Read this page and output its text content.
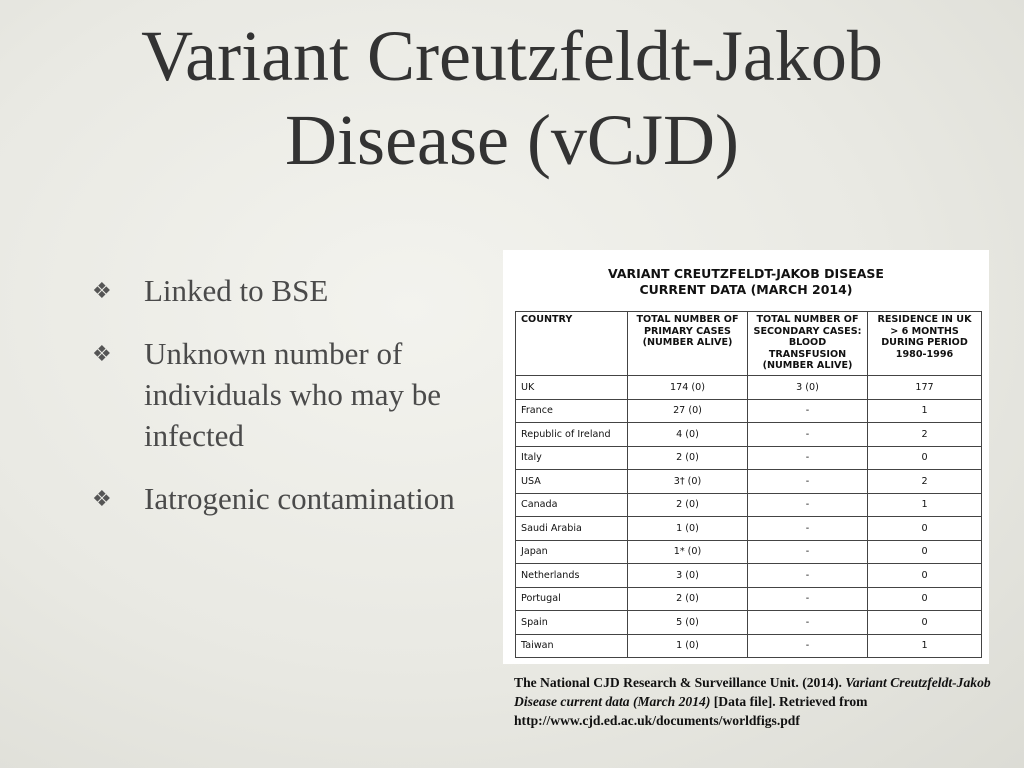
Variant Creutzfeldt-Jakob
Disease (vCJD)
❖ Linked to BSE
❖ Unknown number of individuals who may be infected
❖ Iatrogenic contamination
VARIANT CREUTZFELDT-JAKOB DISEASE
CURRENT DATA (MARCH 2014)
COUNTRY	TOTAL NUMBER OF PRIMARY CASES (NUMBER ALIVE)	TOTAL NUMBER OF SECONDARY CASES: BLOOD TRANSFUSION (NUMBER ALIVE)	RESIDENCE IN UK > 6 MONTHS DURING PERIOD 1980-1996
UK	174 (0)	3 (0)	177
France	27 (0)	-	1
Republic of Ireland	4 (0)	-	2
Italy	2 (0)	-	0
USA	3† (0)	-	2
Canada	2 (0)	-	1
Saudi Arabia	1 (0)	-	0
Japan	1* (0)	-	0
Netherlands	3 (0)	-	0
Portugal	2 (0)	-	0
Spain	5 (0)	-	0
Taiwan	1 (0)	-	1
The National CJD Research & Surveillance Unit. (2014). Variant Creutzfeldt-Jakob Disease current data (March 2014) [Data file]. Retrieved from http://www.cjd.ed.ac.uk/documents/worldfigs.pdf
